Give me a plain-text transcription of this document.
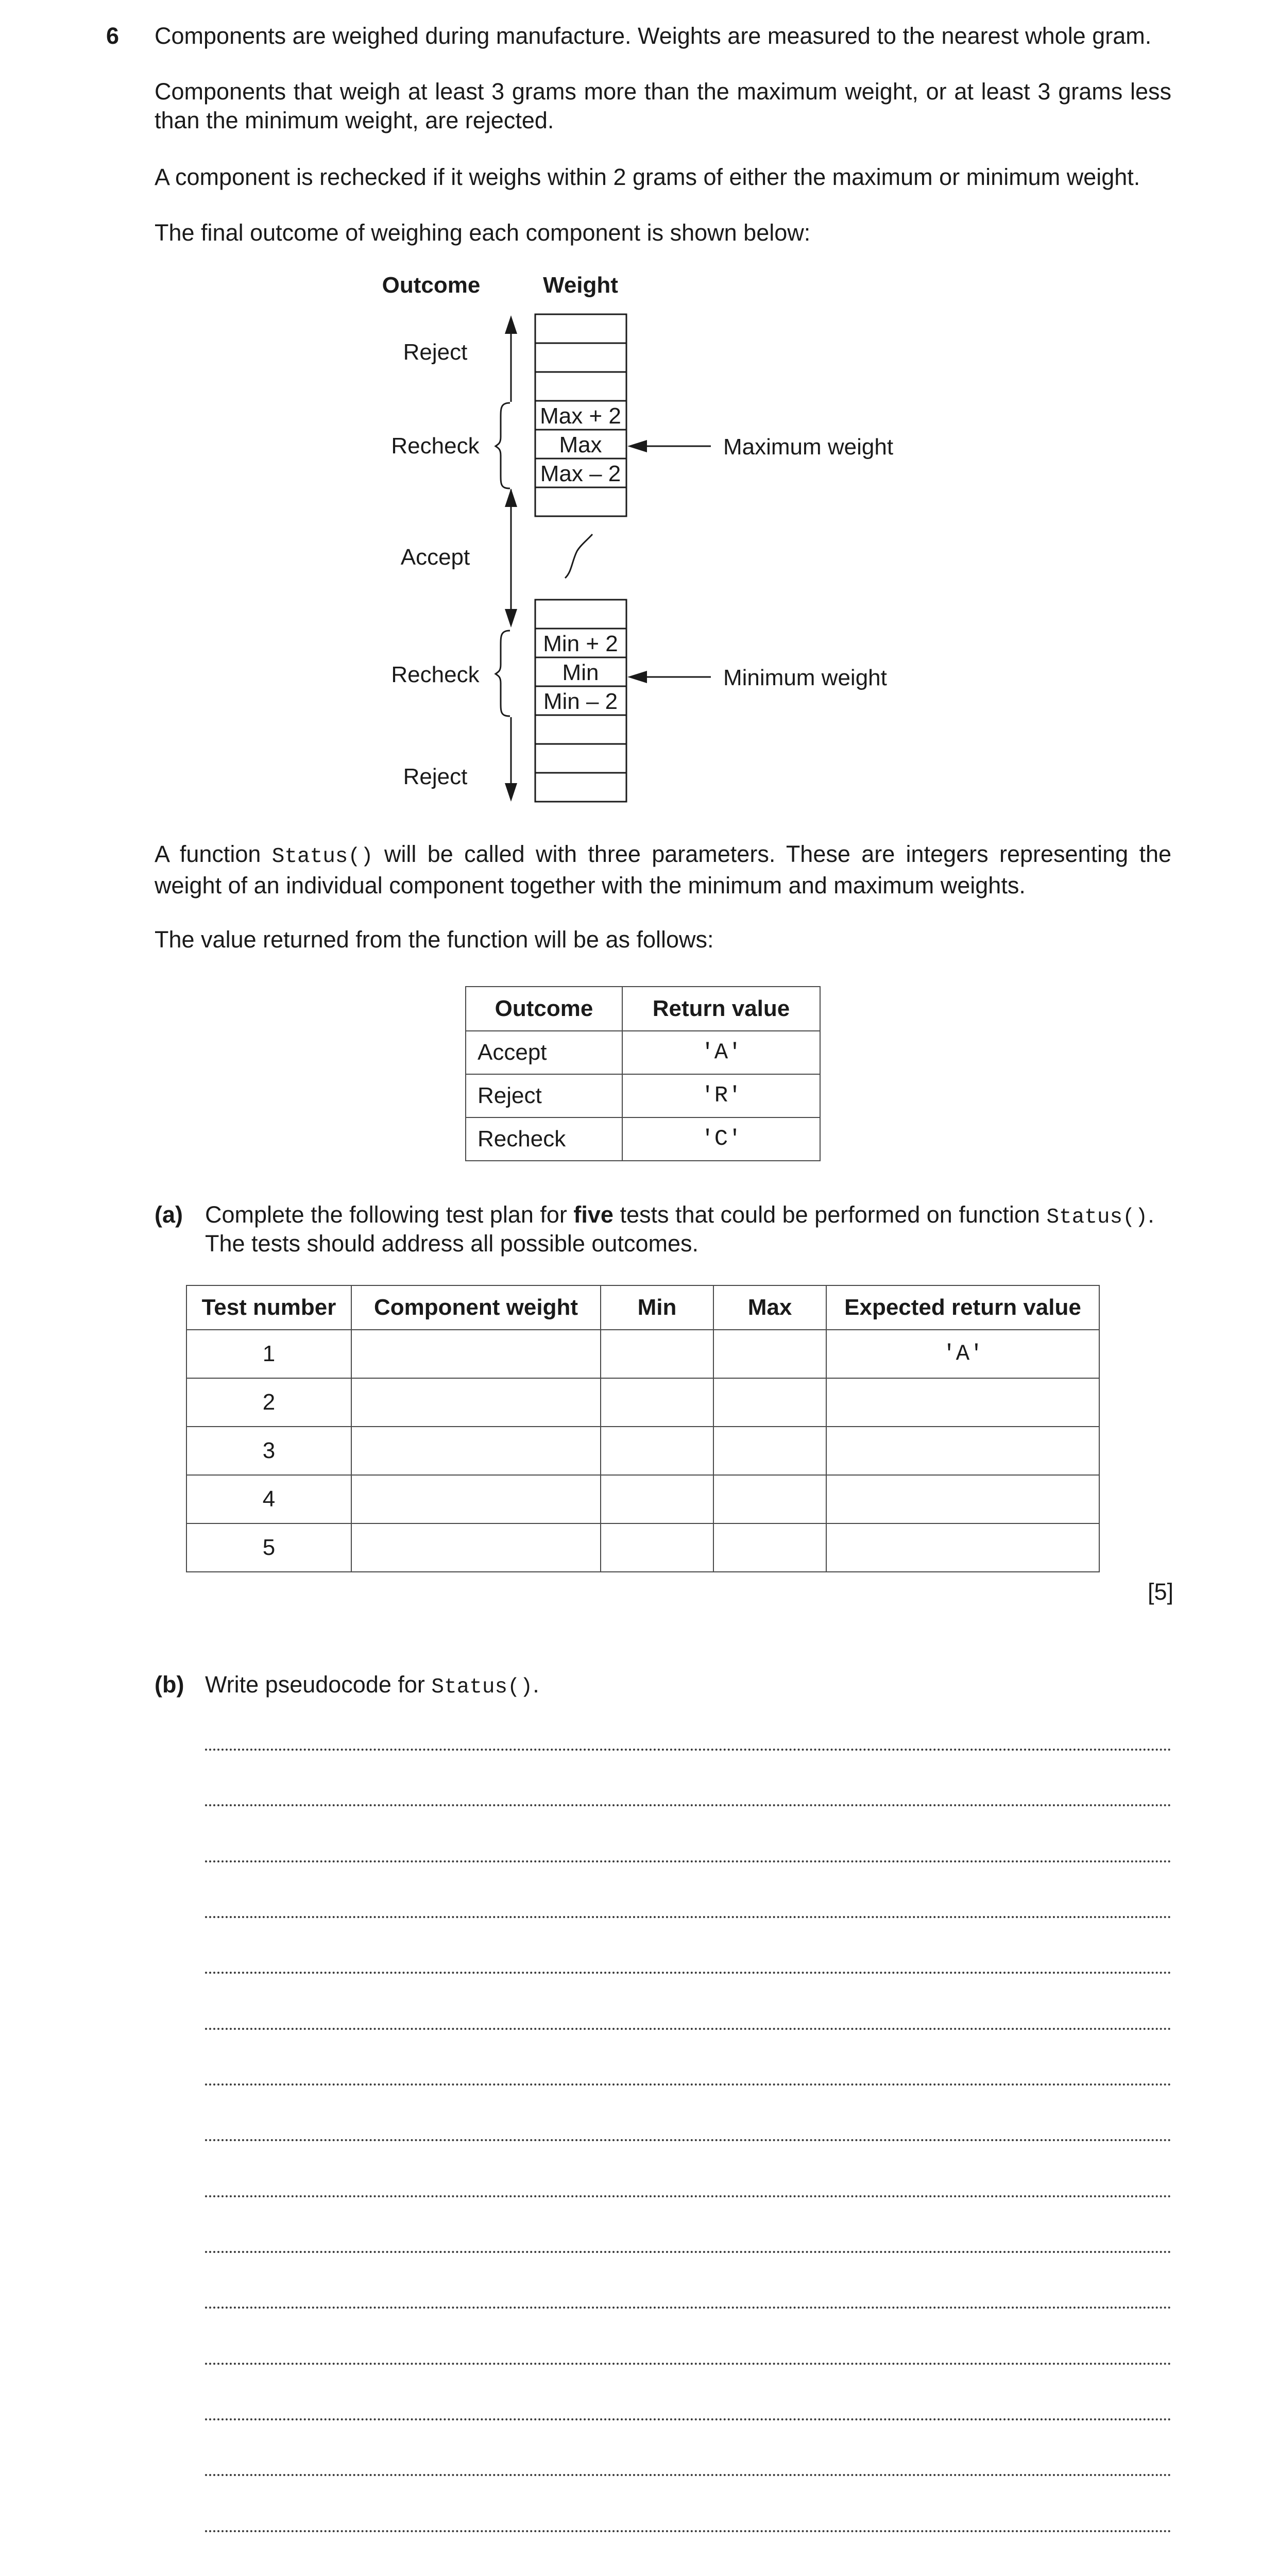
6 Components are weighed during manufacture. Weights are measured to the nearest whole gram.
Components that weigh at least 3 grams more than the maximum weight, or at least 3 grams less than the minimum weight, are rejected.
A component is rechecked if it weighs within 2 grams of either the maximum or minimum weight.
The final outcome of weighing each component is shown below:
Outcome	Weight
Max + 2
Max
Max – 2
Min + 2
Min
Min – 2
Reject
Recheck
Accept
Recheck
Reject
Maximum weight
Minimum weight
A function Status() will be called with three parameters. These are integers representing the weight of an individual component together with the minimum and maximum weights.
The value returned from the function will be as follows:
Outcome	Return value
Accept	'A'
Reject	'R'
Recheck	'C'
(a) Complete the following test plan for five tests that could be performed on function Status().
The tests should address all possible outcomes.
Test number	Component weight	Min	Max	Expected return value
1				'A'
2				
3				
4				
5				
[5]
(b) Write pseudocode for Status().
